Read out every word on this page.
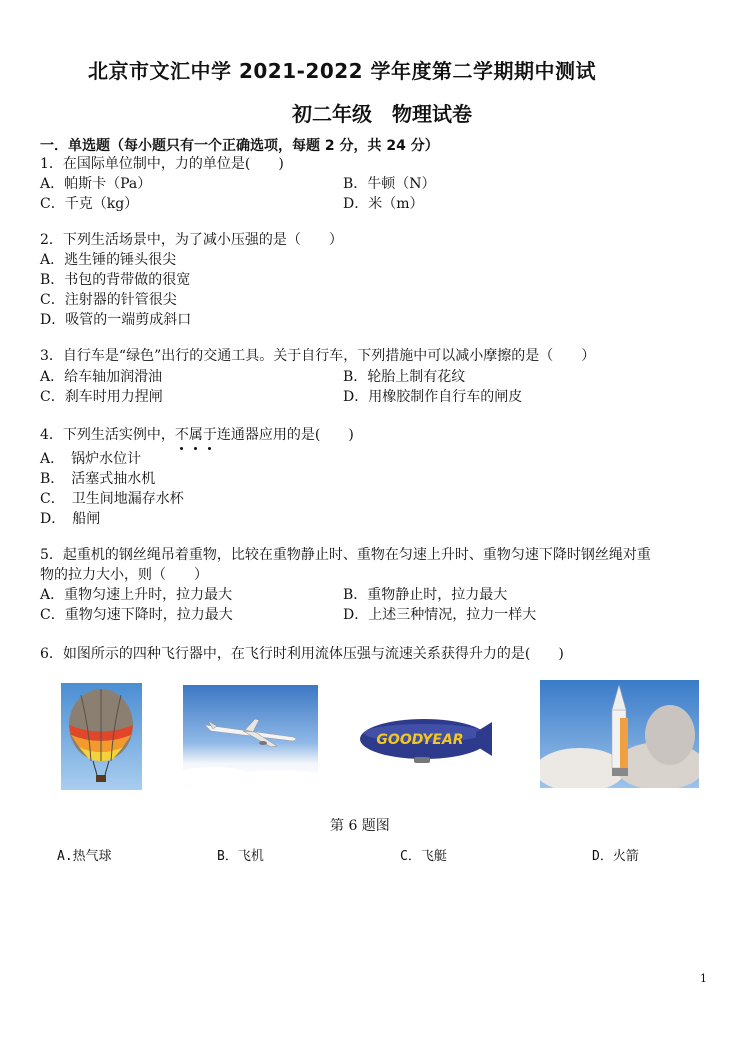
北京市文汇中学 2021-2022 学年度第二学期期中测试
初二年级　物理试卷
一．单选题（每小题只有一个正确选项，每题 2 分，共 24 分）
1．在国际单位制中，力的单位是(　　)
A．帕斯卡（Pa）	B．牛顿（N）
C．千克（kg）	D．米（m）
2．下列生活场景中，为了减小压强的是（　　）
A．逃生锤的锤头很尖
B．书包的背带做的很宽
C．注射器的针管很尖
D．吸管的一端剪成斜口
3．自行车是“绿色”出行的交通工具。关于自行车，下列措施中可以减小摩擦的是（　　）
A．给车轴加润滑油	B．轮胎上制有花纹
C．刹车时用力捏闸	D．用橡胶制作自行车的闸皮
4．下列生活实例中，不
属
于
连通器应用的是(　　)
A．　锅炉水位计
B．　活塞式抽水机
C．　卫生间地漏存水杯
D．　船闸
5．起重机的钢丝绳吊着重物，比较在重物静止时、重物在匀速上升时、重物匀速下降时钢丝绳对重
物的拉力大小，则（　　）
A．重物匀速上升时，拉力最大	B．重物静止时，拉力最大
C．重物匀速下降时，拉力最大	D．上述三种情况，拉力一样大
6．如图所示的四种飞行器中，在飞行时利用流体压强与流速关系获得升力的是(　　)
GOODYEAR
第 6 题图
A.热气球	B．飞机	C．飞艇	D．火箭
1
